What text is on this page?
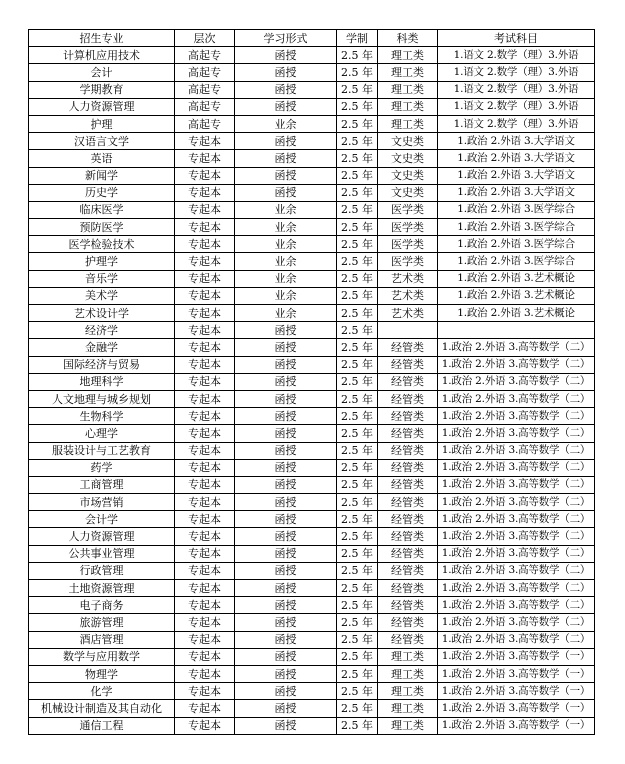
招生专业	层次	学习形式	学制	科类	考试科目
计算机应用技术	高起专	函授	2.5 年	理工类	1.语文 2.数学（理）3.外语
会计	高起专	函授	2.5 年	理工类	1.语文 2.数学（理）3.外语
学期教育	高起专	函授	2.5 年	理工类	1.语文 2.数学（理）3.外语
人力资源管理	高起专	函授	2.5 年	理工类	1.语文 2.数学（理）3.外语
护理	高起专	业余	2.5 年	理工类	1.语文 2.数学（理）3.外语
汉语言文学	专起本	函授	2.5 年	文史类	1.政治 2.外语 3.大学语文
英语	专起本	函授	2.5 年	文史类	1.政治 2.外语 3.大学语文
新闻学	专起本	函授	2.5 年	文史类	1.政治 2.外语 3.大学语文
历史学	专起本	函授	2.5 年	文史类	1.政治 2.外语 3.大学语文
临床医学	专起本	业余	2.5 年	医学类	1.政治 2.外语 3.医学综合
预防医学	专起本	业余	2.5 年	医学类	1.政治 2.外语 3.医学综合
医学检验技术	专起本	业余	2.5 年	医学类	1.政治 2.外语 3.医学综合
护理学	专起本	业余	2.5 年	医学类	1.政治 2.外语 3.医学综合
音乐学	专起本	业余	2.5 年	艺术类	1.政治 2.外语 3.艺术概论
美术学	专起本	业余	2.5 年	艺术类	1.政治 2.外语 3.艺术概论
艺术设计学	专起本	业余	2.5 年	艺术类	1.政治 2.外语 3.艺术概论
经济学	专起本	函授	2.5 年		
金融学	专起本	函授	2.5 年	经管类	1.政治 2.外语 3.高等数学（二）
国际经济与贸易	专起本	函授	2.5 年	经管类	1.政治 2.外语 3.高等数学（二）
地理科学	专起本	函授	2.5 年	经管类	1.政治 2.外语 3.高等数学（二）
人文地理与城乡规划	专起本	函授	2.5 年	经管类	1.政治 2.外语 3.高等数学（二）
生物科学	专起本	函授	2.5 年	经管类	1.政治 2.外语 3.高等数学（二）
心理学	专起本	函授	2.5 年	经管类	1.政治 2.外语 3.高等数学（二）
服装设计与工艺教育	专起本	函授	2.5 年	经管类	1.政治 2.外语 3.高等数学（二）
药学	专起本	函授	2.5 年	经管类	1.政治 2.外语 3.高等数学（二）
工商管理	专起本	函授	2.5 年	经管类	1.政治 2.外语 3.高等数学（二）
市场营销	专起本	函授	2.5 年	经管类	1.政治 2.外语 3.高等数学（二）
会计学	专起本	函授	2.5 年	经管类	1.政治 2.外语 3.高等数学（二）
人力资源管理	专起本	函授	2.5 年	经管类	1.政治 2.外语 3.高等数学（二）
公共事业管理	专起本	函授	2.5 年	经管类	1.政治 2.外语 3.高等数学（二）
行政管理	专起本	函授	2.5 年	经管类	1.政治 2.外语 3.高等数学（二）
土地资源管理	专起本	函授	2.5 年	经管类	1.政治 2.外语 3.高等数学（二）
电子商务	专起本	函授	2.5 年	经管类	1.政治 2.外语 3.高等数学（二）
旅游管理	专起本	函授	2.5 年	经管类	1.政治 2.外语 3.高等数学（二）
酒店管理	专起本	函授	2.5 年	经管类	1.政治 2.外语 3.高等数学（二）
数学与应用数学	专起本	函授	2.5 年	理工类	1.政治 2.外语 3.高等数学（一）
物理学	专起本	函授	2.5 年	理工类	1.政治 2.外语 3.高等数学（一）
化学	专起本	函授	2.5 年	理工类	1.政治 2.外语 3.高等数学（一）
机械设计制造及其自动化	专起本	函授	2.5 年	理工类	1.政治 2.外语 3.高等数学（一）
通信工程	专起本	函授	2.5 年	理工类	1.政治 2.外语 3.高等数学（一）
